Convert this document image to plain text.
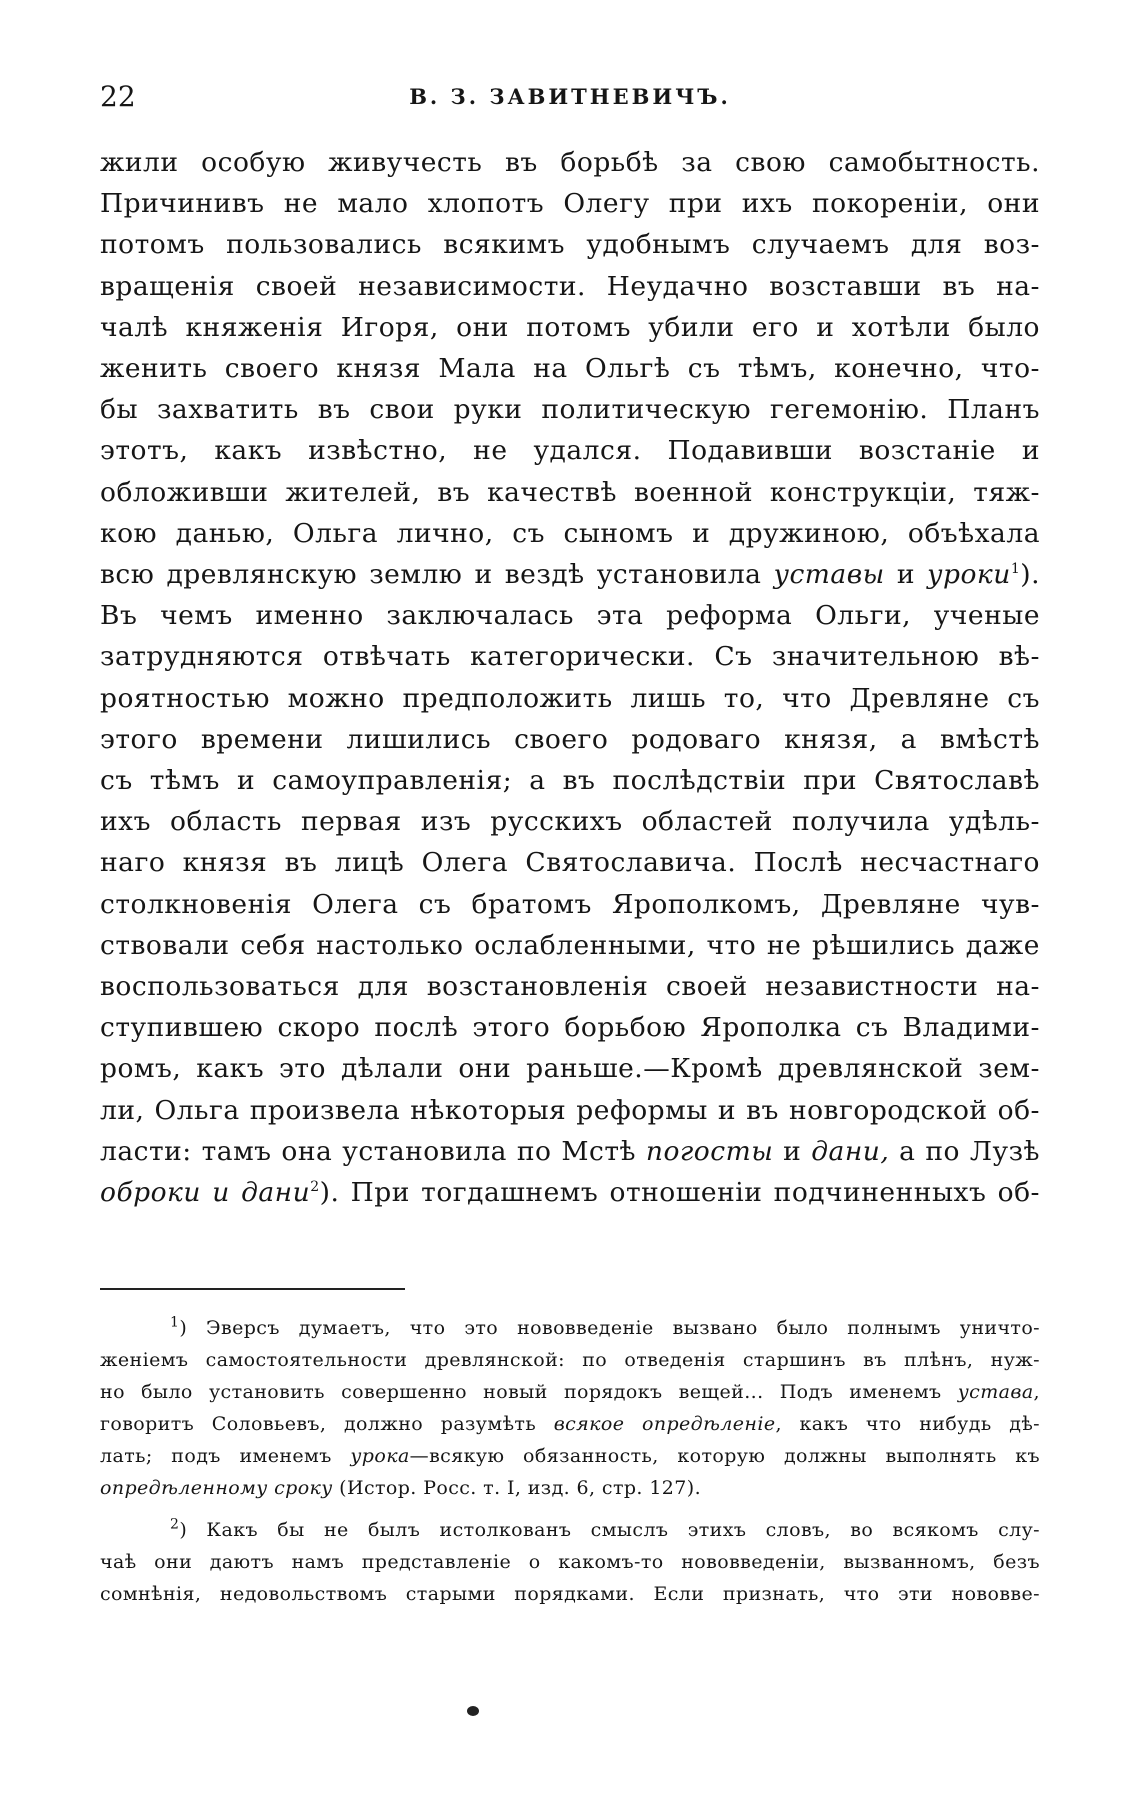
22	В. З. ЗАВИТНЕВИЧЪ.
жили особую живучесть въ борьбѣ за свою самобытность.
Причинивъ не мало хлопотъ Олегу при ихъ покореніи, они
потомъ пользовались всякимъ удобнымъ случаемъ для воз-
вращенія своей независимости. Неудачно возставши въ на-
чалѣ княженія Игоря, они потомъ убили его и хотѣли было
женить своего князя Мала на Ольгѣ съ тѣмъ, конечно, что-
бы захватить въ свои руки политическую гегемонію. Планъ
этотъ, какъ извѣстно, не удался. Подавивши возстаніе и
обложивши жителей, въ качествѣ военной конструкціи, тяж-
кою данью, Ольга лично, съ сыномъ и дружиною, объѣхала
всю древлянскую землю и вездѣ установила уставы и уроки$^1$).
Въ чемъ именно заключалась эта реформа Ольги, ученые
затрудняются отвѣчать категорически. Съ значительною вѣ-
роятностью можно предположить лишь то, что Древляне съ
этого времени лишились своего родоваго князя, а вмѣстѣ
съ тѣмъ и самоуправленія; а въ послѣдствіи при Святославѣ
ихъ область первая изъ русскихъ областей получила удѣль-
наго князя въ лицѣ Олега Святославича. Послѣ несчастнаго
столкновенія Олега съ братомъ Ярополкомъ, Древляне чув-
ствовали себя настолько ослабленными, что не рѣшились даже
воспользоваться для возстановленія своей независтности на-
ступившею скоро послѣ этого борьбою Ярополка съ Владими-
ромъ, какъ это дѣлали они раньше.—Кромѣ древлянской зем-
ли, Ольга произвела нѣкоторыя реформы и въ новгородской об-
ласти: тамъ она установила по Мстѣ погосты и дани, а по Лузѣ
оброки и дани$^2$). При тогдашнемъ отношеніи подчиненныхъ об-
$^1$) Эверсъ думаетъ, что это нововведеніе вызвано было полнымъ уничто-
женіемъ самостоятельности древлянской: по отведенія старшинъ въ плѣнъ, нуж-
но было установить совершенно новый порядокъ вещей... Подъ именемъ устава,
говоритъ Соловьевъ, должно разумѣть всякое опредѣленіе, какъ что нибудь дѣ-
лать; подъ именемъ урока—всякую обязанность, которую должны выполнять къ
опредѣленному сроку (Истор. Росс. т. I, изд. 6, стр. 127).
$^2$) Какъ бы не былъ истолкованъ смыслъ этихъ словъ, во всякомъ слу-
чаѣ они даютъ намъ представленіе о какомъ-то нововведеніи, вызванномъ, безъ
сомнѣнія, недовольствомъ старыми порядками. Если признать, что эти нововве-
